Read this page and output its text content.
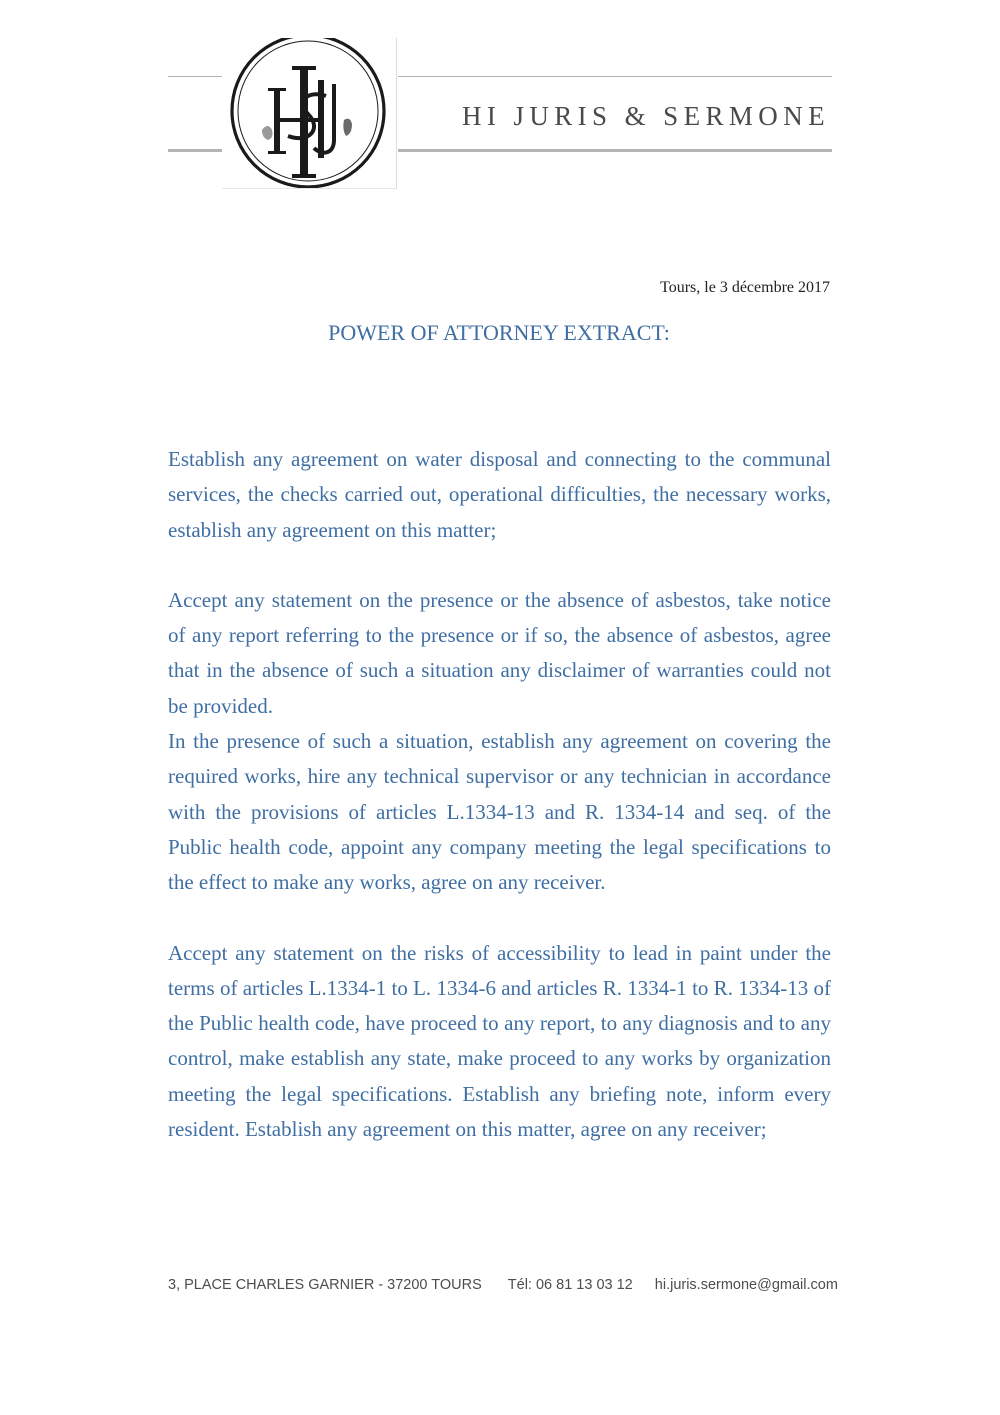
HI JURIS & SERMONE
Tours, le 3 décembre 2017
POWER OF ATTORNEY EXTRACT:

Establish any agreement on water disposal and connecting to the communal services, the checks carried out, operational difficulties, the necessary works, establish any agreement on this matter;

Accept any statement on the presence or the absence of asbestos, take notice of any report referring to the presence or if so, the absence of asbestos, agree that in the absence of such a situation any disclaimer of warranties could not be provided.

In the presence of such a situation, establish any agreement on covering the required works, hire any technical supervisor or any technician in accordance with the provisions of articles L.1334-13 and R. 1334-14 and seq. of the Public health code, appoint any company meeting the legal specifications to the effect to make any works, agree on any receiver.

Accept any statement on the risks of accessibility to lead in paint under the terms of articles L.1334-1 to L. 1334-6 and articles R. 1334-1 to R. 1334-13 of the Public health code, have proceed to any report, to any diagnosis and to any control, make establish any state, make proceed to any works by organization meeting the legal specifications. Establish any briefing note, inform every resident. Establish any agreement on this matter, agree on any receiver;

3, PLACE CHARLES GARNIER - 37200 TOURS Tél: 06 81 13 03 12 hi.juris.sermone@gmail.com
